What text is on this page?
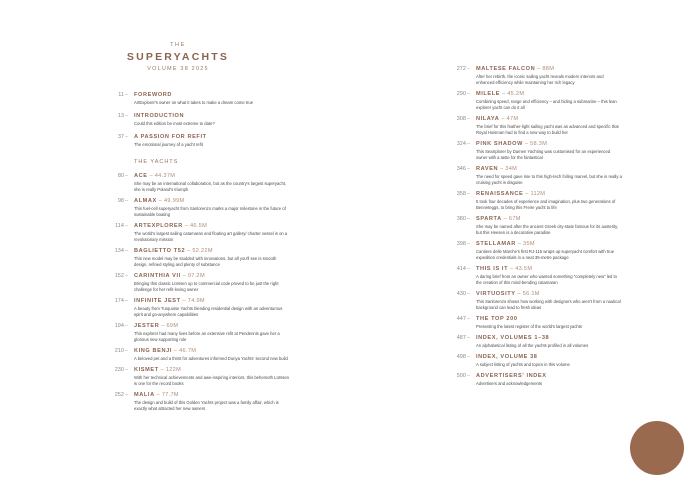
THE
SUPERYACHTS
VOLUME 38 2025
11 –	FOREWORD
ArtExplorer's owner on what it takes to make a dream come true
13 –	INTRODUCTION
Could this edition be most extreme to date?
37 –	A PASSION FOR REFIT
The emotional journey of a yacht refit
THE YACHTS
80 –	ACE – 44.37M
She may be an international collaboration, but as the country's largest superyacht, she is really Poland's triumph
98 –	ALMAX – 49.99M
This fuel-cell superyacht from Sanlorenzo marks a major milestone in the future of sustainable boating
114 –	ARTEXPLORER – 46.5M
The world's largest sailing catamaran and floating art gallery/ charter vessel is on a revolutionary mission
134 –	BAGLIETTO T52 – 52.22M
This new model may be studded with innovations, but all you'll see is smooth design, refined styling and plenty of substance
152 –	CARINTHIA VII – 97.2M
Bringing this classic Lürssen up to commercial code proved to be just the right challenge for her refit-loving owner
174 –	INFINITE JEST – 74.9M
A beauty from Turquoise Yachts blending residential design with an adventurous spirit and go-anywhere capabilities
194 –	JESTER – 69M
This explorer had many lives before an extensive refit at Pendennis gave her a glorious new supporting role
210 –	KING BENJI – 46.7M
A beloved pet and a thirst for adventures informed Dunya Yachts' second new build
230 –	KISMET – 122M
With her technical achievements and awe-inspiring interiors, this behemoth Lürssen is one for the record books
252 –	MALIA – 77.7M
The design and build of this Golden Yachts project was a family affair, which is exactly what attracted her new owners
272 –	MALTESE FALCON – 88M
After her rebirth, the iconic sailing yacht reveals modern interiors and enhanced efficiency while maintaining her rich legacy
290 –	MILELE – 45.2M
Combining speed, range and efficiency – and hiding a submarine – this lean explorer yacht can do it all
308 –	NILAYA – 47M
The brief for this feather-light sailing yacht was as advanced and specific that Royal Huisman had to find a new way to build her
324 –	PINK SHADOW – 58.3M
This SeaXplorer by Damen Yachting was customised for an experienced owner with a taste for the fantastical
346 –	RAVEN – 34M
The need for speed gave rise to this high-tech foiling marvel, but she is really a cruising yacht in disguise
358 –	RENAISSANCE – 112M
It took four decades of experience and imagination, plus two generations of Benneteggs, to bring this Freire yacht to life
380 –	SPARTA – 67M
She may be named after the ancient Greek city-state famous for its austerity, but this Heesen is a decorative paradise
398 –	STELLAMAR – 35M
Cantiere delle Marche's first RJ-115 wraps up superyacht comfort with true expedition credentials in a neat 35-metre package
414 –	THIS IS IT – 43.5M
A daring brief from an owner who wanted something "completely new" led to the creation of this mind-bending catamaran
430 –	VIRTUOSITY – 56.1M
This Sanlorenzo shows how working with designers who aren't from a nautical background can lead to fresh ideas
447 –	THE TOP 200
Presenting the latest register of the world's largest yachts
487 –	INDEX, VOLUMES 1–38
An alphabetical listing of all the yachts profiled in all volumes
498 –	INDEX, VOLUME 38
A subject listing of yachts and topics in this volume
500 –	ADVERTISERS' INDEX
Advertisers and acknowledgements
